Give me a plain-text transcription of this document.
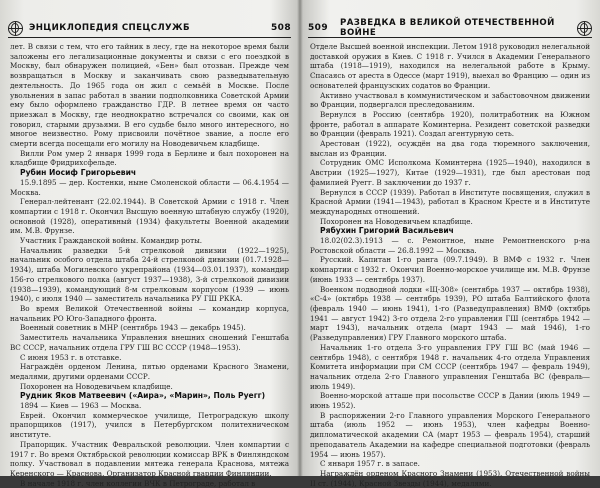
ЭНЦИКЛОПЕДИЯ СПЕЦСЛУЖБ	508

лет. В связи с тем, что его тайник в лесу, где на некоторое время были заложены его легализационные документы и связи с его поездкой в Москву, был обнаружен полицией, «Бен» был отозван. Прежде чем возвращаться в Москву и заканчивать свою разведывательную деятельность. До 1965 года он жил с семьёй в Москве. После увольнения в запас работал в звании подполковника Советской Армии ему было оформлено гражданство ГДР. В летнее время он часто приезжал в Москву, где неоднократно встречался со своими, как он говорил, старыми друзьями. В его судьбе было много интересного, но многое неизвестно. Рому присвоили почётное звание, а после его смерти всегда посещали его могилу на Новодевичьем кладбище.

Вилли Ром умер 2 января 1999 года в Берлине и был похоронен на кладбище Фридрихсфельде.

Рубин Иосиф Григорьевич

15.9.1895 — дер. Костенки, ныне Смоленской области — 06.4.1954 — Москва.

Генерал-лейтенант (22.02.1944). В Советской Армии с 1918 г. Член компартии с 1918 г. Окончил Высшую военную штабную службу (1920), основной (1928), оперативный (1934) факультеты Военной академии им. М.В. Фрунзе.

Участник Гражданской войны. Командир роты.

Начальник разведки 5-й стрелковой дивизии (1922—1925), начальник особого отдела штаба 24-й стрелковой дивизии (01.7.1928—1934), штаба Могилевского укрепрайона (1934—03.01.1937), командир 156-го стрелкового полка (август 1937—1938), 3-й стрелковой дивизии (1938—1939), командующий 8-м стрелковым корпусом (1939 — июнь 1940), с июля 1940 — заместитель начальника РУ ГШ РККА.

Во время Великой Отечественной войны — командир корпуса, начальник РО Юго-Западного фронта.

Военный советник в МНР (сентябрь 1943 — декабрь 1945).

Заместитель начальника Управления внешних сношений Генштаба ВС СССР, начальник отдела ГРУ ГШ ВС СССР (1948—1953).

С июня 1953 г. в отставке.

Награждён орденом Ленина, пятью орденами Красного Знамени, медалями, другими орденами СССР.

Похоронен на Новодевичьем кладбище.

Рудник Яков Матвеевич («Аира», «Марин», Поль Руегг)

1894 — Киев — 1963 — Москва.

Еврей. Окончил коммерческое училище, Петроградскую школу прапорщиков (1917), учился в Петербургском политехническом институте.

Прапорщик. Участник Февральской революции. Член компартии с 1917 г. Во время Октябрьской революции комиссар ВРК в Финляндском полку. Участвовал в подавлении мятежа генерала Краснова, мятежа Керенского — Краснова. Организатор Красной гвардии Финляндии.

В начале 1918 г. член коллегии ВЧК в Петрограде, работал в

509 РАЗВЕДКА В ВЕЛИКОЙ ОТЕЧЕСТВЕННОЙ ВОЙНЕ

Отделе Высшей военной инспекции. Летом 1918 руководил нелегальной доставкой оружия в Киев. С 1918 г. Учился в Академии Генерального штаба (1918—1919), находился на нелегальной работе в Крыму. Спасаясь от ареста в Одессе (март 1919), выехал во Францию — один из основателей французских содатов во Франции.

Активно участвовал в коммунистическом и забастовочном движении во Франции, подвергался преследованиям.

Вернулся в Россию (сентябрь 1920), политработник на Южном фронте, работал в аппарате Коминтерна. Резидент советской разведки во Франции (февраль 1921). Создал агентурную сеть.

Арестован (1922), осуждён на два года тюремного заключения, выслан из Франции.

Сотрудник ОМС Исполкома Коминтерна (1925—1940), находился в Австрии (1925—1927), Китае (1929—1931), где был арестован под фамилией Руегг. В заключении до 1937 г.

Вернулся в СССР (1939). Работал в Институте посвящения, служил в Красной Армии (1941—1943), работал в Красном Кресте и в Институте международных отношений.

Похоронен на Новодевичьем кладбище.

Рябухин Григорий Васильевич

18.02(02.3).1913 — с. Ремонтное, ныне Ремонтненского р-на Ростовской области — 26.8.1992 — Москва.

Русский. Капитан 1-го ранга (09.7.1949). В ВМФ с 1932 г. Член компартии с 1932 г. Окончил Военно-морское училище им. М.В. Фрунзе (июнь 1933 — сентябрь 1937).

Военком подводной лодки «Щ-308» (сентябрь 1937 — октябрь 1938), «С-4» (октябрь 1938 — сентябрь 1939), РО штаба Балтийского флота (февраль 1940 — июнь 1941), 1-го (Разведуправления) ВМФ (октябрь 1941 — август 1942) 3-го отдела 2-го управления ГШ (сентябрь 1942 — март 1943), начальник отдела (март 1943 — май 1946), 1-го (Разведуправления) ГРУ Главного морского штаба.

Начальник 1-го отдела 3-го управления ГРУ ГШ ВС (май 1946 — сентябрь 1948), с сентября 1948 г. начальник 4-го отдела Управления Комитета информации при СМ СССР (сентябрь 1947 — февраль 1949), начальник отдела 2-го Главного управления Генштаба ВС (февраль—июль 1949).

Военно-морской атташе при посольстве СССР в Дании (июль 1949 — июнь 1952).

В распоряжении 2-го Главного управления Морского Генерального штаба (июль 1952 — июнь 1953), член кафедры Военно-дипломатической академии СА (март 1953 — февраль 1954), старший преподаватель Академии на кафедре специальной подготовки (февраль 1954 — июнь 1957).

С января 1957 г. в запасе.

Награждён орденом Красного Знамени (1953), Отечественной войны II ст. (1944), Красной Звезды (1944), медалями.
